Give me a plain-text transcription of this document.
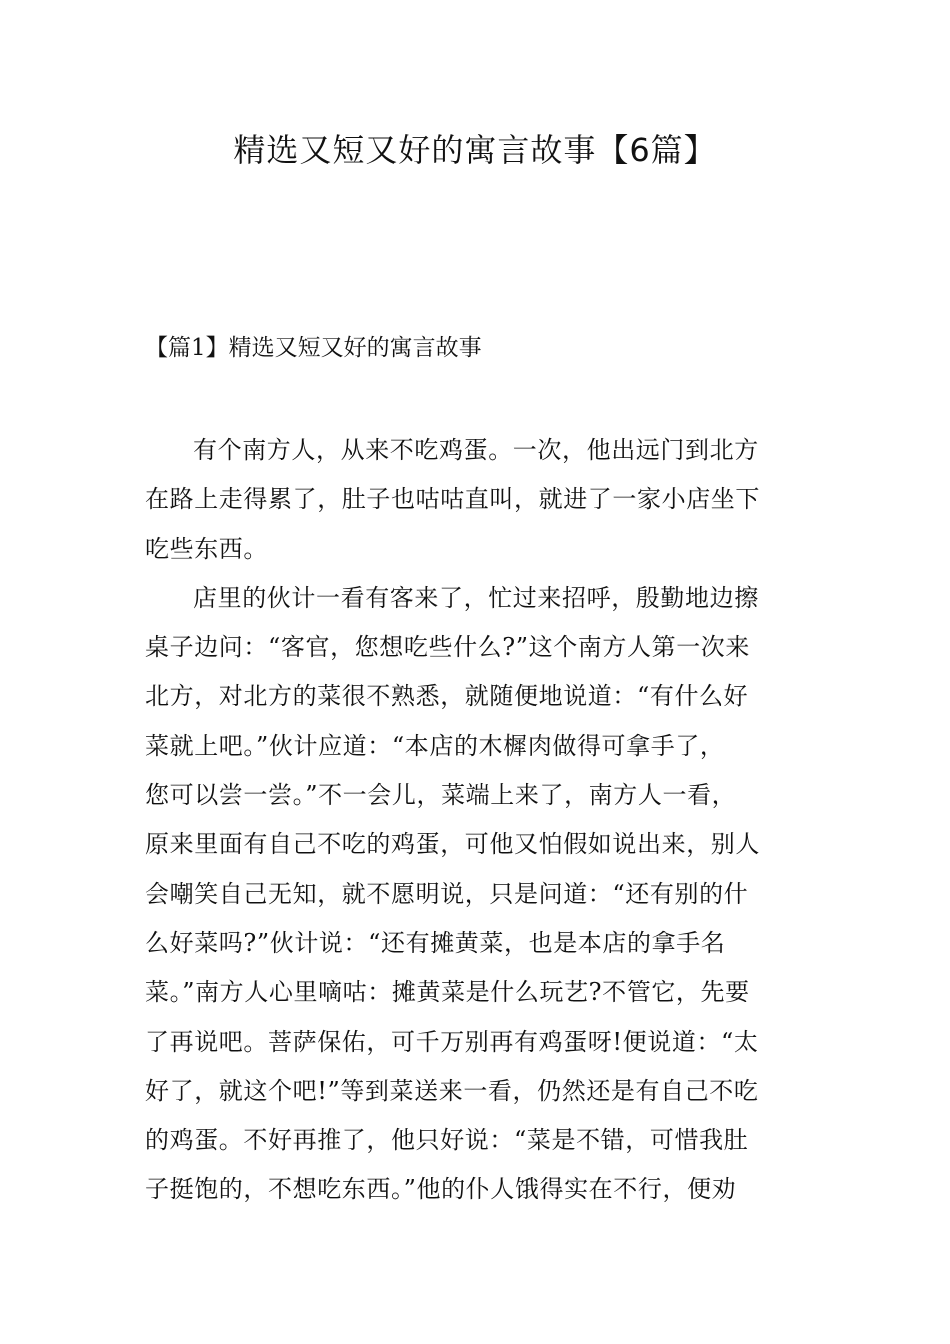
精选又短又好的寓言故事【6篇】
【篇1】精选又短又好的寓言故事

有个南方人，从来不吃鸡蛋。一次，他出远门到北方
在路上走得累了，肚子也咕咕直叫，就进了一家小店坐下
吃些东西。

店里的伙计一看有客来了，忙过来招呼，殷勤地边擦
桌子边问：“客官，您想吃些什么?”这个南方人第一次来
北方，对北方的菜很不熟悉，就随便地说道：“有什么好
菜就上吧。”伙计应道：“本店的木樨肉做得可拿手了，
您可以尝一尝。”不一会儿，菜端上来了，南方人一看，
原来里面有自己不吃的鸡蛋，可他又怕假如说出来，别人
会嘲笑自己无知，就不愿明说，只是问道：“还有别的什
么好菜吗?”伙计说：“还有摊黄菜，也是本店的拿手名
菜。”南方人心里嘀咕：摊黄菜是什么玩艺?不管它，先要
了再说吧。菩萨保佑，可千万别再有鸡蛋呀!便说道：“太
好了，就这个吧!”等到菜送来一看，仍然还是有自己不吃
的鸡蛋。不好再推了，他只好说：“菜是不错，可惜我肚
子挺饱的，不想吃东西。”他的仆人饿得实在不行，便劝
